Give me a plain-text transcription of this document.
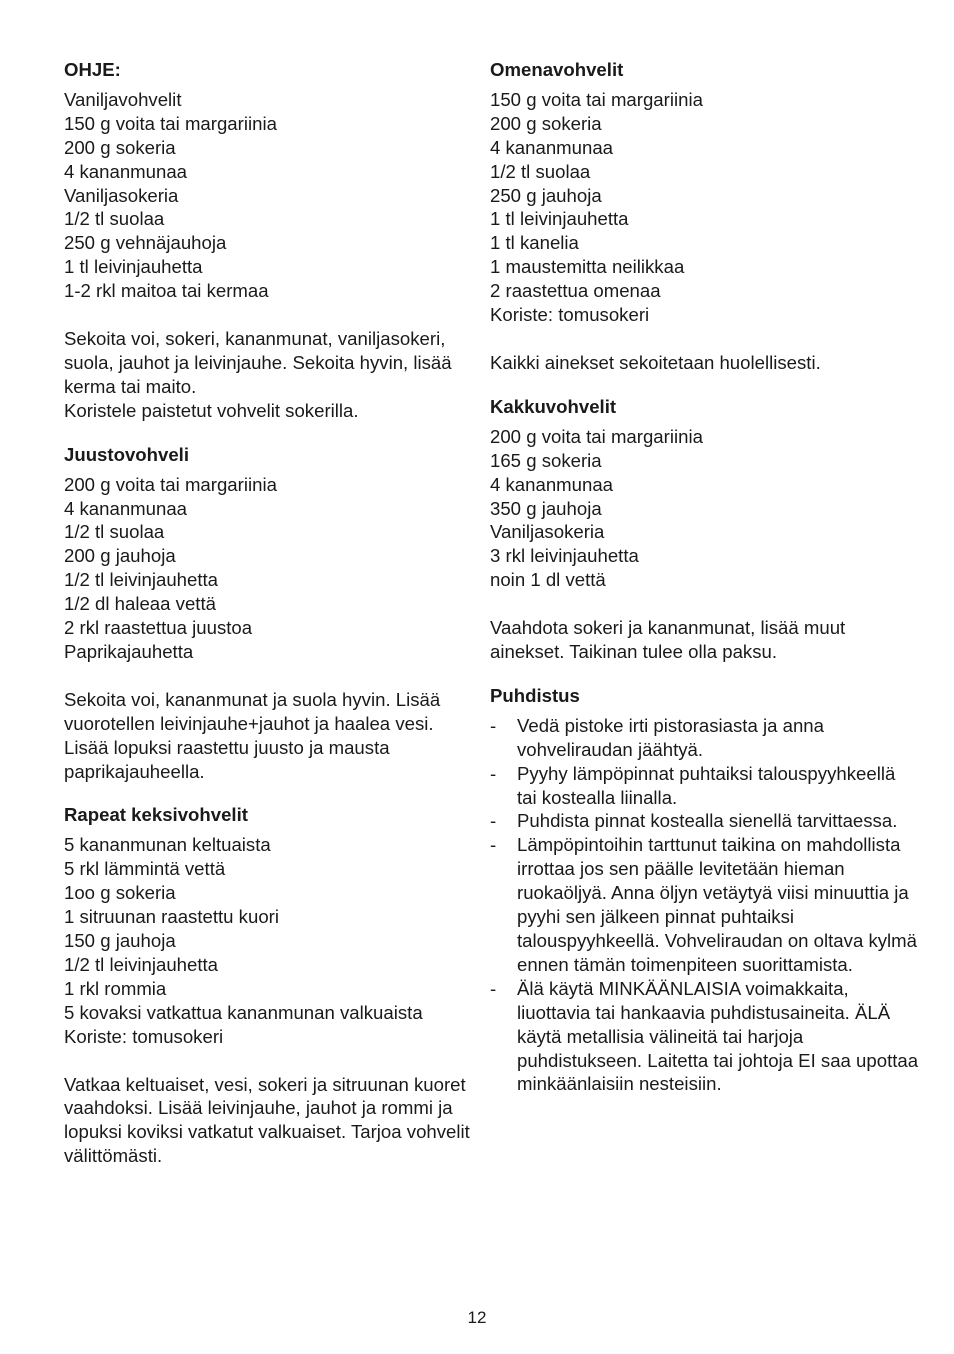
OHJE:
Vaniljavohvelit
150 g voita tai margariinia
200 g sokeria
4 kananmunaa
Vaniljasokeria
1/2 tl suolaa
250 g vehnäjauhoja
1 tl leivinjauhetta
1-2 rkl maitoa tai kermaa
Sekoita voi, sokeri, kananmunat, vaniljasokeri, suola, jauhot ja leivinjauhe. Sekoita hyvin, lisää kerma tai maito.
Koristele paistetut vohvelit sokerilla.
Juustovohveli
200 g voita tai margariinia
4 kananmunaa
1/2 tl suolaa
200 g jauhoja
1/2 tl leivinjauhetta
1/2 dl haleaa vettä
2 rkl raastettua juustoa
Paprikajauhetta
Sekoita voi, kananmunat ja suola hyvin. Lisää vuorotellen leivinjauhe+jauhot ja haalea vesi. Lisää lopuksi raastettu juusto ja mausta paprikajauheella.
Rapeat keksivohvelit
5 kananmunan keltuaista
5 rkl lämmintä vettä
1oo g sokeria
1 sitruunan raastettu kuori
150 g jauhoja
1/2 tl leivinjauhetta
1 rkl rommia
5 kovaksi vatkattua kananmunan valkuaista
Koriste: tomusokeri
Vatkaa keltuaiset, vesi, sokeri ja sitruunan kuoret vaahdoksi. Lisää leivinjauhe, jauhot ja rommi ja lopuksi koviksi vatkatut valkuaiset. Tarjoa vohvelit välittömästi.
Omenavohvelit
150 g voita tai margariinia
200 g sokeria
4 kananmunaa
1/2 tl suolaa
250 g jauhoja
1 tl leivinjauhetta
1 tl kanelia
1 maustemitta neilikkaa
2 raastettua omenaa
Koriste: tomusokeri
Kaikki ainekset sekoitetaan huolellisesti.
Kakkuvohvelit
200 g voita tai margariinia
165 g sokeria
4 kananmunaa
350 g jauhoja
Vaniljasokeria
3 rkl leivinjauhetta
noin 1 dl vettä
Vaahdota sokeri ja kananmunat, lisää muut ainekset. Taikinan tulee olla paksu.
Puhdistus
- Vedä pistoke irti pistorasiasta ja anna vohveliraudan jäähtyä.
- Pyyhy lämpöpinnat puhtaiksi talouspyyhkeellä tai kostealla liinalla.
- Puhdista pinnat kostealla sienellä tarvittaessa.
- Lämpöpintoihin tarttunut taikina on mahdollista irrottaa jos sen päälle levitetään hieman ruokaöljyä. Anna öljyn vetäytyä viisi minuuttia ja pyyhi sen jälkeen pinnat puhtaiksi talouspyyhkeellä. Vohveliraudan on oltava kylmä ennen tämän toimenpiteen suorittamista.
- Älä käytä MINKÄÄNLAISIA voimakkaita, liuottavia tai hankaavia puhdistusaineita. ÄLÄ käytä metallisia välineitä tai harjoja puhdistukseen. Laitetta tai johtoja EI saa upottaa minkäänlaisiin nesteisiin.
12
